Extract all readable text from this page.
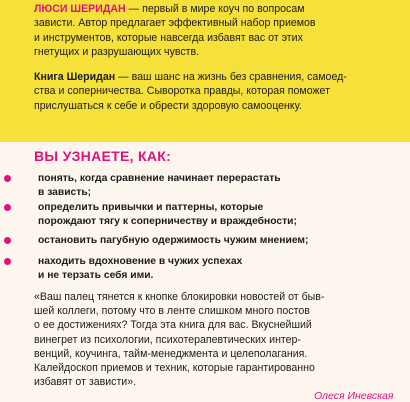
ЛЮСИ ШЕРИДАН — первый в мире коуч по вопросам
зависти. Автор предлагает эффективный набор приемов
и инструментов, которые навсегда избавят вас от этих
гнетущих и разрушающих чувств.

Книга Шеридан — ваш шанс на жизнь без сравнения, самоед-
ства и соперничества. Сыворотка правды, которая поможет
прислушаться к себе и обрести здоровую самооценку.

ВЫ УЗНАЕТЕ, КАК:
понять, когда сравнение начинает перерастать
в зависть;
определить привычки и паттерны, которые
порождают тягу к соперничеству и враждебности;
остановить пагубную одержимость чужим мнением;
находить вдохновение в чужих успехах
и не терзать себя ими.

«Ваш палец тянется к кнопке блокировки новостей от быв-
шей коллеги, потому что в ленте слишком много постов
о ее достижениях? Тогда эта книга для вас. Вкуснейший
винегрет из психологии, психотерапевтических интер-
венций, коучинга, тайм-менеджмента и целеполагания.
Калейдоскоп приемов и техник, которые гарантированно
избавят от зависти».

Олеся Иневская
